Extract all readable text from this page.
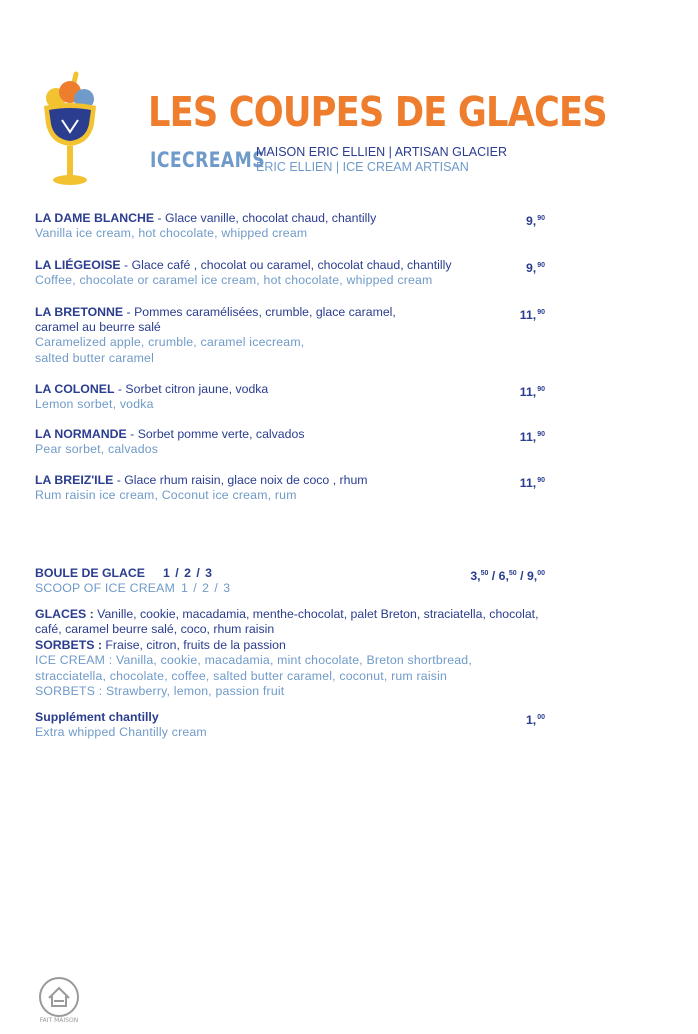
LES COUPES DE GLACES
ICECREAMS
MAISON ERIC ELLIEN | ARTISAN GLACIER
ERIC ELLIEN | ICE CREAM ARTISAN
LA DAME BLANCHE - Glace vanille, chocolat chaud, chantilly
Vanilla ice cream, hot chocolate, whipped cream
9,90
LA LIÉGEOISE - Glace café , chocolat ou caramel, chocolat chaud, chantilly
Coffee, chocolate or caramel ice cream, hot chocolate, whipped cream
9,90
LA BRETONNE - Pommes caramélisées, crumble, glace caramel,
caramel au beurre salé
Caramelized apple, crumble, caramel icecream,
salted butter caramel
11,90
LA COLONEL - Sorbet citron jaune, vodka
Lemon sorbet, vodka
11,90
LA NORMANDE - Sorbet pomme verte, calvados
Pear sorbet, calvados
11,90
LA BREIZ'ILE - Glace rhum raisin, glace noix de coco , rhum
Rum raisin ice cream, Coconut ice cream, rum
11,90
BOULE DE GLACE 1 / 2 / 3
SCOOP OF ICE CREAM 1 / 2 / 3
3,50 / 6,50 / 9,00
GLACES : Vanille, cookie, macadamia, menthe-chocolat, palet Breton, straciatella, chocolat, café, caramel beurre salé, coco, rhum raisin
SORBETS : Fraise, citron, fruits de la passion
ICE CREAM : Vanilla, cookie, macadamia, mint chocolate, Breton shortbread, stracciatella, chocolate, coffee, salted butter caramel, coconut, rum raisin
SORBETS : Strawberry, lemon, passion fruit
Supplément chantilly
Extra whipped Chantilly cream
1,00
FAIT MAISON
